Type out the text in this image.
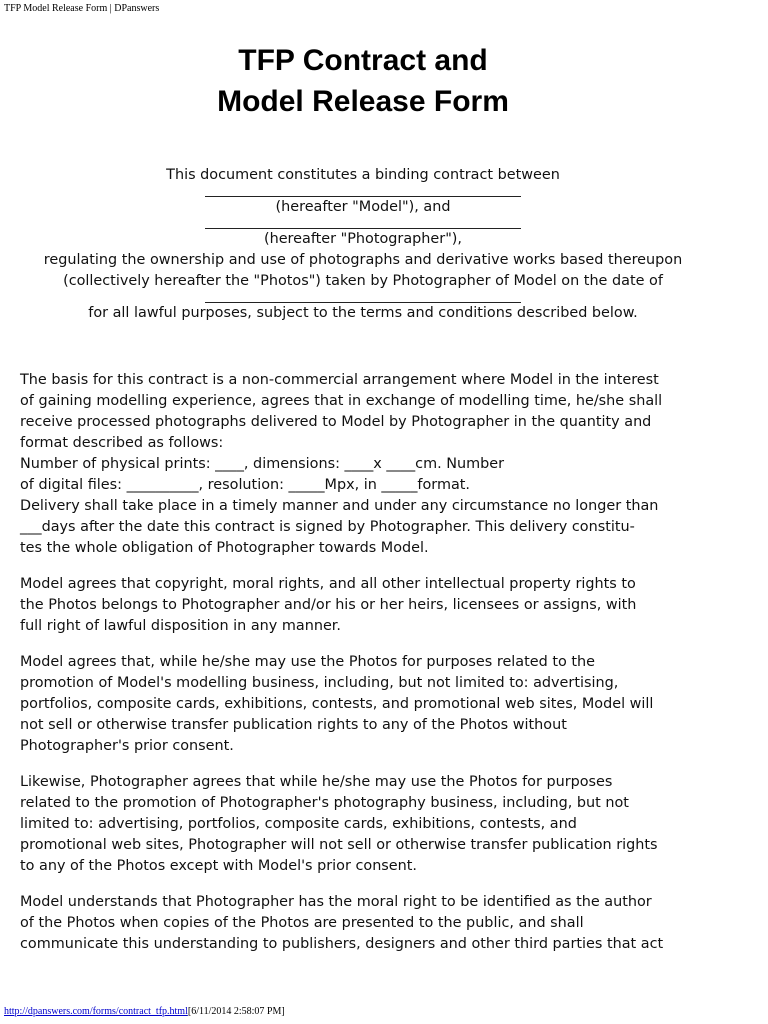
TFP Model Release Form | DPanswers
TFP Contract and
Model Release Form
This document constitutes a binding contract between
(hereafter "Model"), and
(hereafter "Photographer"),
regulating the ownership and use of photographs and derivative works based thereupon
(collectively hereafter the "Photos") taken by Photographer of Model on the date of
for all lawful purposes, subject to the terms and conditions described below.

The basis for this contract is a non-commercial arrangement where Model in the interest
of gaining modelling experience, agrees that in exchange of modelling time, he/she shall
receive processed photographs delivered to Model by Photographer in the quantity and
format described as follows:
Number of physical prints: ____, dimensions: ____x ____cm. Number
of digital files: __________, resolution: _____Mpx, in _____format.
Delivery shall take place in a timely manner and under any circumstance no longer than
___days after the date this contract is signed by Photographer. This delivery constitu-
tes the whole obligation of Photographer towards Model.

Model agrees that copyright, moral rights, and all other intellectual property rights to
the Photos belongs to Photographer and/or his or her heirs, licensees or assigns, with
full right of lawful disposition in any manner.

Model agrees that, while he/she may use the Photos for purposes related to the
promotion of Model's modelling business, including, but not limited to: advertising,
portfolios, composite cards, exhibitions, contests, and promotional web sites, Model will
not sell or otherwise transfer publication rights to any of the Photos without
Photographer's prior consent.

Likewise, Photographer agrees that while he/she may use the Photos for purposes
related to the promotion of Photographer's photography business, including, but not
limited to: advertising, portfolios, composite cards, exhibitions, contests, and
promotional web sites, Photographer will not sell or otherwise transfer publication rights
to any of the Photos except with Model's prior consent.

Model understands that Photographer has the moral right to be identified as the author
of the Photos when copies of the Photos are presented to the public, and shall
communicate this understanding to publishers, designers and other third parties that act

http://dpanswers.com/forms/contract_tfp.html[6/11/2014 2:58:07 PM]
